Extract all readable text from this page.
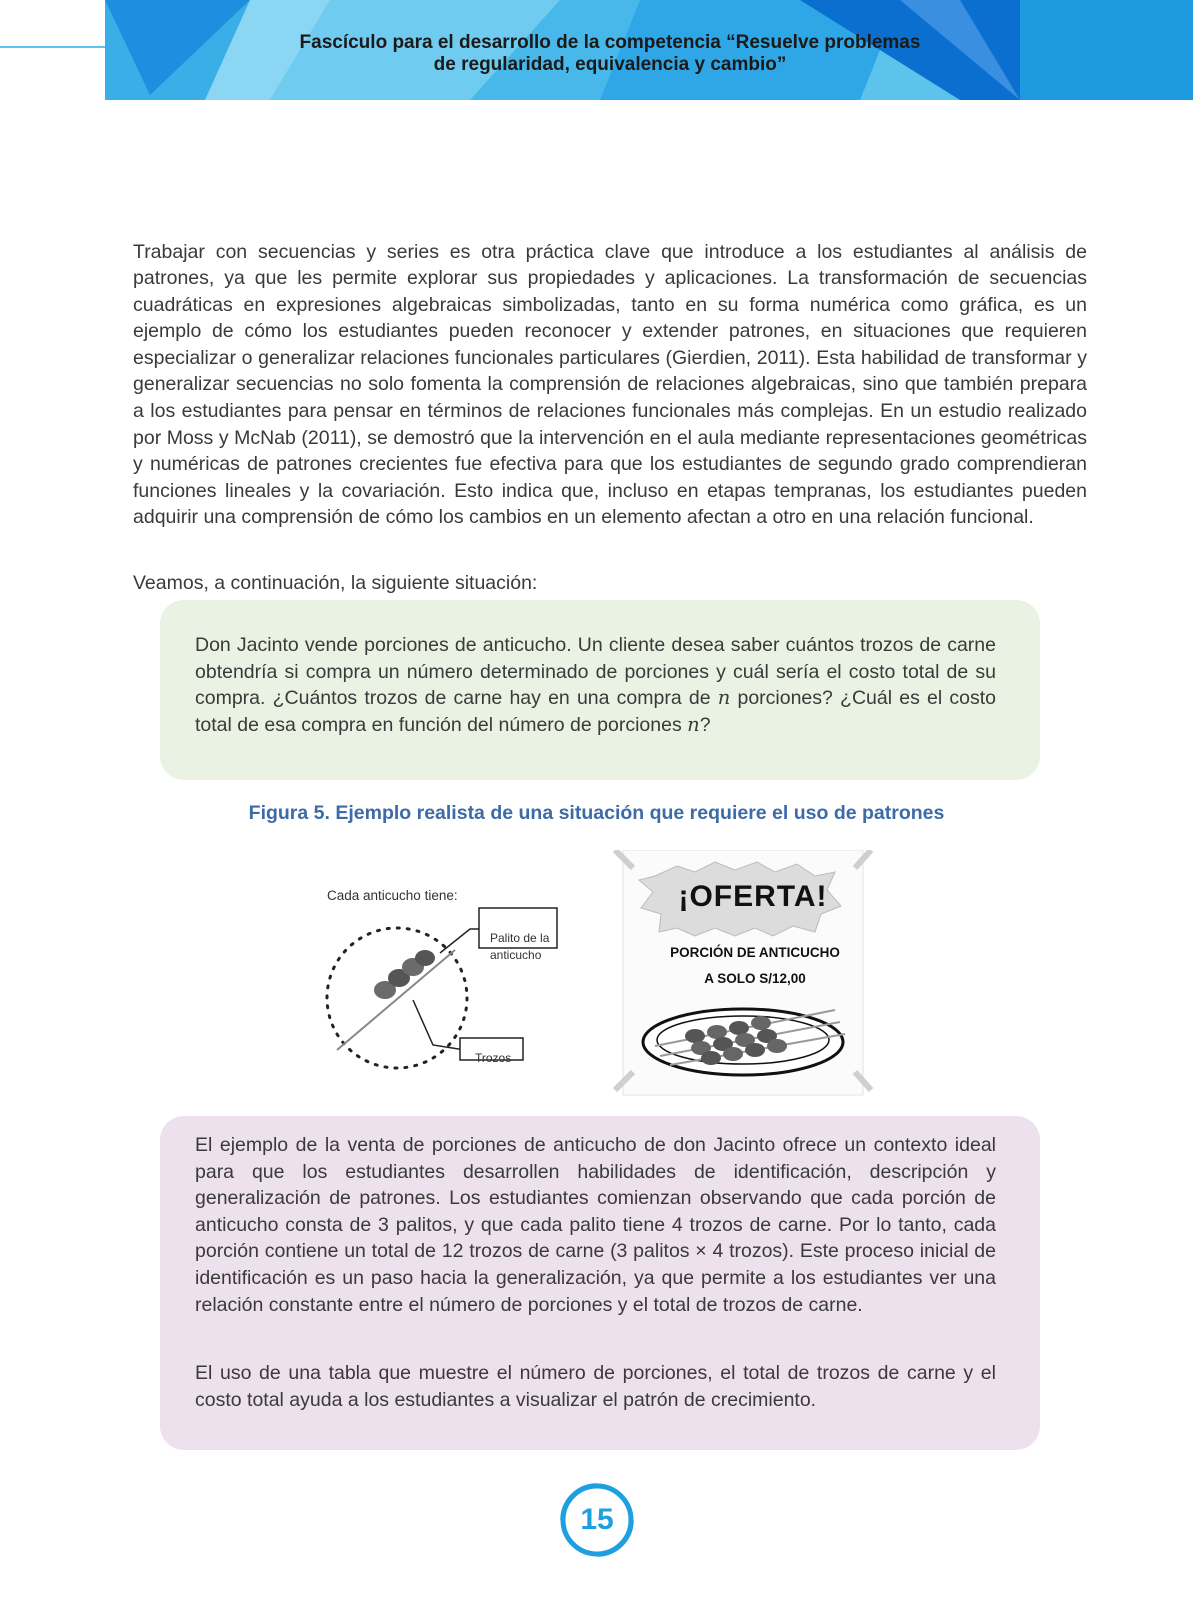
Fascículo para el desarrollo de la competencia “Resuelve problemas
de regularidad, equivalencia y cambio”

Trabajar con secuencias y series es otra práctica clave que introduce a los estudiantes al análisis de patrones, ya que les permite explorar sus propiedades y aplicaciones. La transformación de secuencias cuadráticas en expresiones algebraicas simbolizadas, tanto en su forma numérica como gráfica, es un ejemplo de cómo los estudiantes pueden reconocer y extender patrones, en situaciones que requieren especializar o generalizar relaciones funcionales particulares (Gierdien, 2011). Esta habilidad de transformar y generalizar secuencias no solo fomenta la comprensión de relaciones algebraicas, sino que también prepara a los estudiantes para pensar en términos de relaciones funcionales más complejas. En un estudio realizado por Moss y McNab (2011), se demostró que la intervención en el aula mediante representaciones geométricas y numéricas de patrones crecientes fue efectiva para que los estudiantes de segundo grado comprendieran funciones lineales y la covariación. Esto indica que, incluso en etapas tempranas, los estudiantes pueden adquirir una comprensión de cómo los cambios en un elemento afectan a otro en una relación funcional.

Veamos, a continuación, la siguiente situación:

Don Jacinto vende porciones de anticucho. Un cliente desea saber cuántos trozos de carne obtendría si compra un número determinado de porciones y cuál sería el costo total de su compra. ¿Cuántos trozos de carne hay en una compra de n porciones? ¿Cuál es el costo total de esa compra en función del número de porciones n?

Figura 5. Ejemplo realista de una situación que requiere el uso de patrones
Cada anticucho tiene:
Palito de la anticucho
Trozos
¡OFERTA!
PORCIÓN DE ANTICUCHO
A SOLO S/12,00

El ejemplo de la venta de porciones de anticucho de don Jacinto ofrece un contexto ideal para que los estudiantes desarrollen habilidades de identificación, descripción y generalización de patrones. Los estudiantes comienzan observando que cada porción de anticucho consta de 3 palitos, y que cada palito tiene 4 trozos de carne. Por lo tanto, cada porción contiene un total de 12 trozos de carne (3 palitos × 4 trozos). Este proceso inicial de identificación es un paso hacia la generalización, ya que permite a los estudiantes ver una relación constante entre el número de porciones y el total de trozos de carne.

El uso de una tabla que muestre el número de porciones, el total de trozos de carne y el costo total ayuda a los estudiantes a visualizar el patrón de crecimiento.

15
